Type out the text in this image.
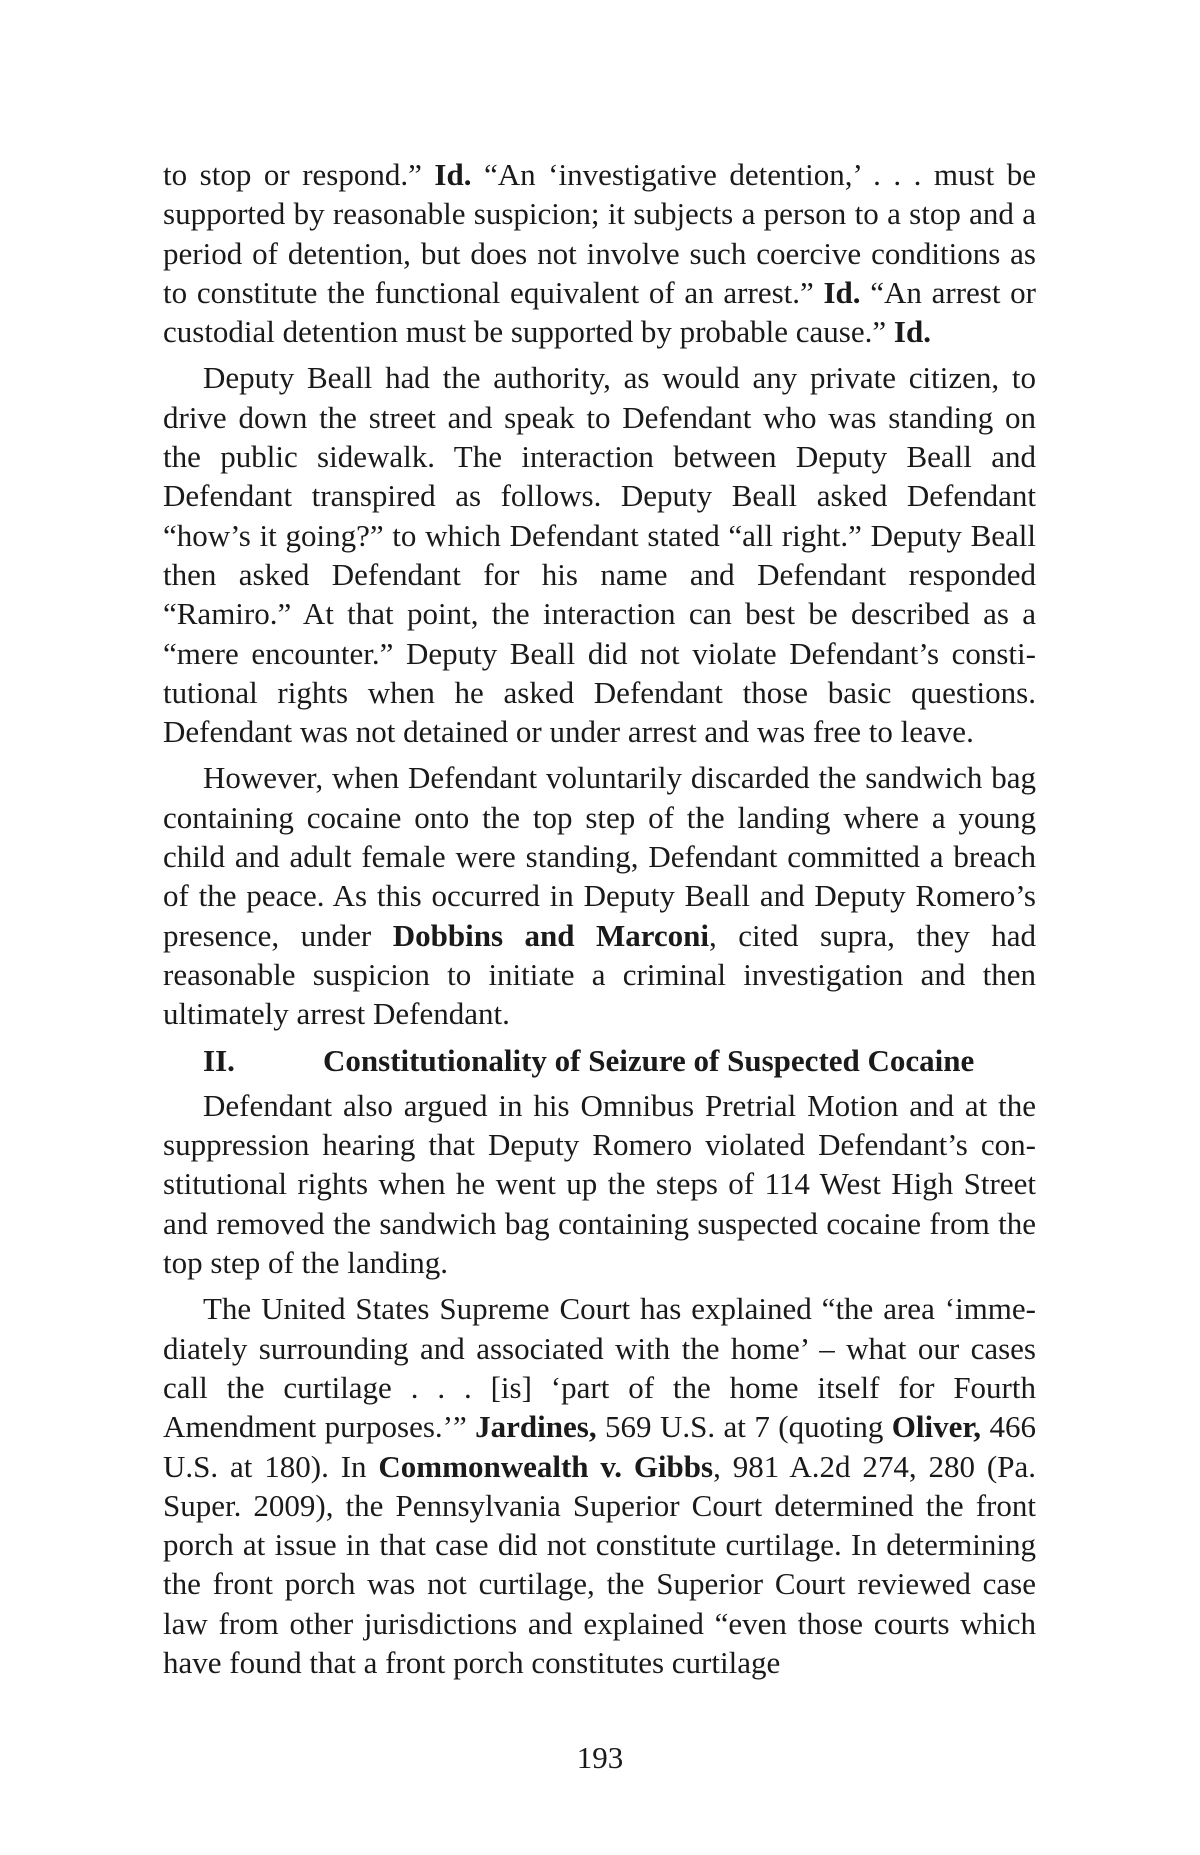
to stop or respond.” Id. “An ‘investigative detention,’ . . . must be supported by reasonable suspicion; it subjects a person to a stop and a period of detention, but does not involve such coercive conditions as to constitute the functional equivalent of an arrest.” Id. “An arrest or custodial detention must be supported by probable cause.” Id.

Deputy Beall had the authority, as would any private citizen, to drive down the street and speak to Defendant who was standing on the public sidewalk. The interaction between Deputy Beall and Defendant transpired as follows. Deputy Beall asked Defendant “how’s it going?” to which Defendant stated “all right.” Deputy Beall then asked Defendant for his name and Defendant responded “Ramiro.” At that point, the interaction can best be described as a “mere encounter.” Deputy Beall did not violate Defendant’s constitutional rights when he asked Defendant those basic questions. Defendant was not detained or under arrest and was free to leave.

However, when Defendant voluntarily discarded the sandwich bag containing cocaine onto the top step of the landing where a young child and adult female were standing, Defendant committed a breach of the peace. As this occurred in Deputy Beall and Deputy Romero’s presence, under Dobbins and Marconi, cited supra, they had reasonable suspicion to initiate a criminal investigation and then ultimately arrest Defendant.

II.	Constitutionality of Seizure of Suspected Cocaine

Defendant also argued in his Omnibus Pretrial Motion and at the suppression hearing that Deputy Romero violated Defendant’s constitutional rights when he went up the steps of 114 West High Street and removed the sandwich bag containing suspected cocaine from the top step of the landing.

The United States Supreme Court has explained “the area ‘immediately surrounding and associated with the home’ – what our cases call the curtilage . . . [is] ‘part of the home itself for Fourth Amendment purposes.’” Jardines, 569 U.S. at 7 (quoting Oliver, 466 U.S. at 180). In Commonwealth v. Gibbs, 981 A.2d 274, 280 (Pa. Super. 2009), the Pennsylvania Superior Court determined the front porch at issue in that case did not constitute curtilage. In determining the front porch was not curtilage, the Superior Court reviewed case law from other jurisdictions and explained “even those courts which have found that a front porch constitutes curtilage

193
